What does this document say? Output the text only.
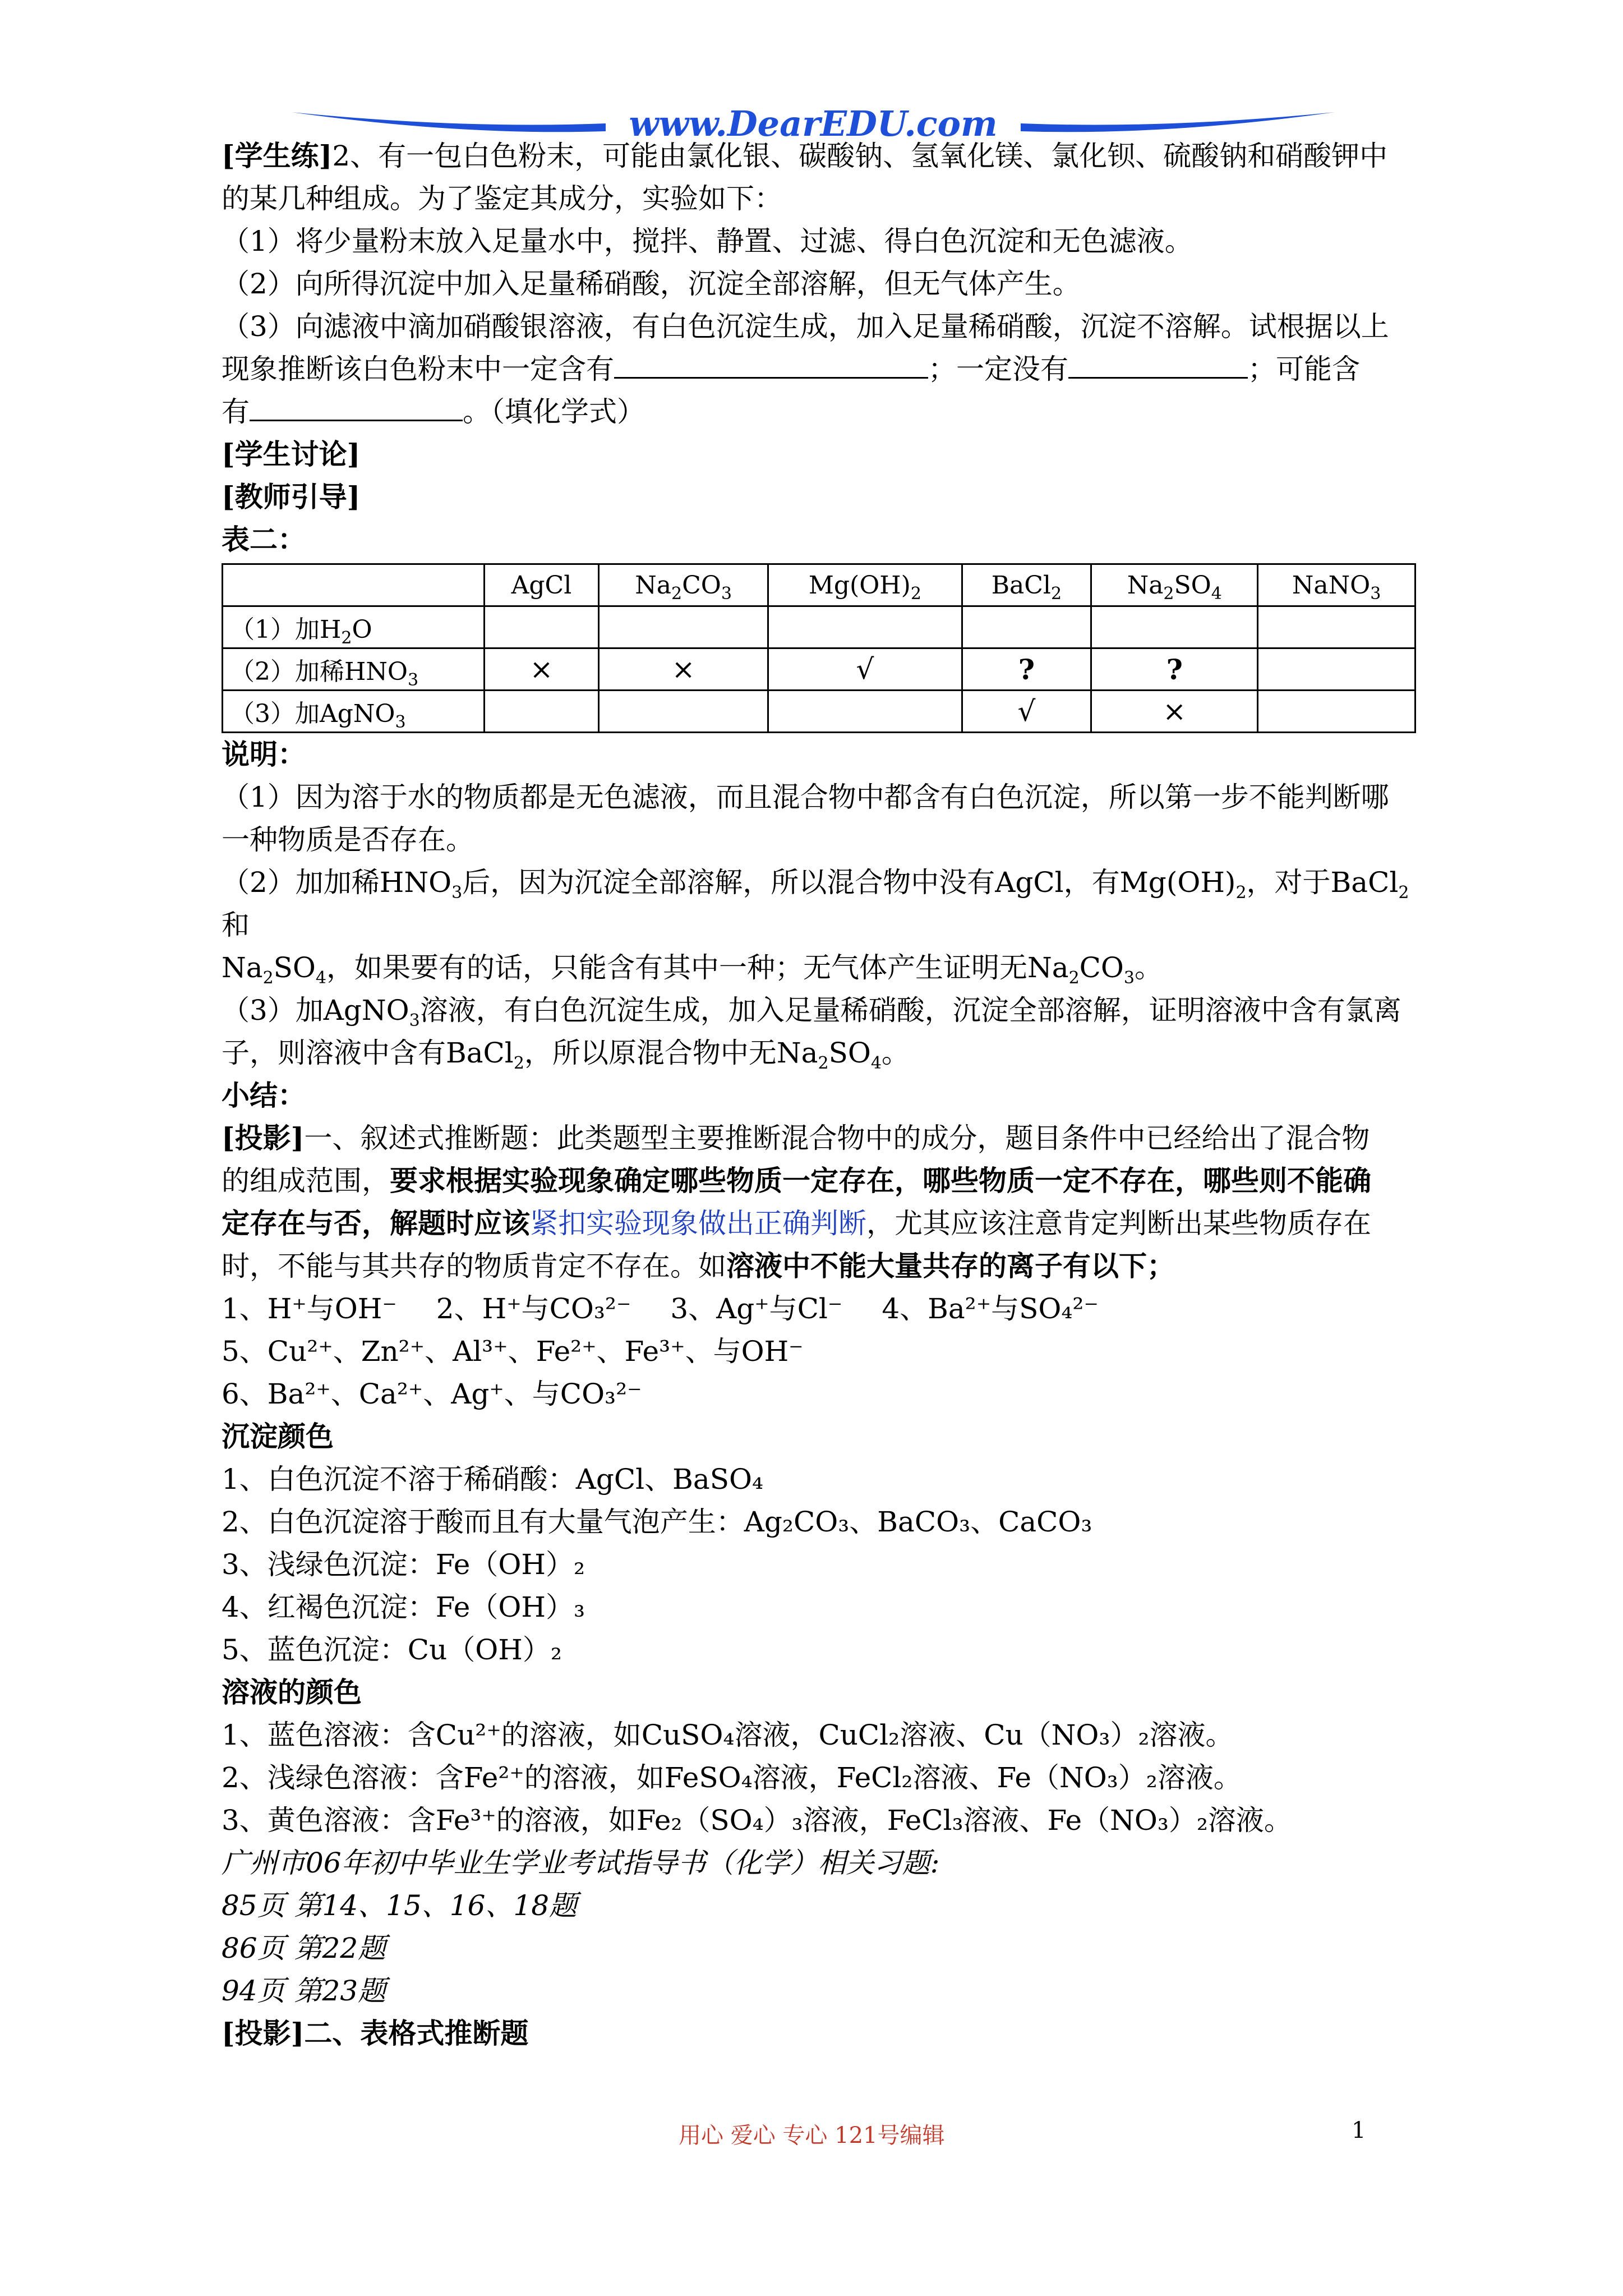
www.DearEDU.com

[学生练]2、有一包白色粉末，可能由氯化银、碳酸钠、氢氧化镁、氯化钡、硫酸钠和硝酸钾中

的某几种组成。为了鉴定其成分，实验如下：

（1）将少量粉末放入足量水中，搅拌、静置、过滤、得白色沉淀和无色滤液。

（2）向所得沉淀中加入足量稀硝酸，沉淀全部溶解，但无气体产生。

（3）向滤液中滴加硝酸银溶液，有白色沉淀生成，加入足量稀硝酸，沉淀不溶解。试根据以上

现象推断该白色粉末中一定含有	；一定没有	；可能含

有	。（填化学式）

[学生讨论]

[教师引导]

表二：

	AgCl	$Na_2CO_3$	$Mg(OH)_2$	BaCl$_2$	$Na_2SO_4$	NaNO$_3$
（1）加$H_2O$						
（2）加稀$HNO_3$	×	×	√	?	?	
（3）加AgNO$_3$				√	×	

说明：

（1）因为溶于水的物质都是无色滤液，而且混合物中都含有白色沉淀，所以第一步不能判断哪

一种物质是否存在。

（2）加加稀$HNO_3$后，因为沉淀全部溶解，所以混合物中没有AgCl，有$Mg(OH)_2$，对于BaCl$_2$和

$Na_2SO_4$，如果要有的话，只能含有其中一种；无气体产生证明无$Na_2CO_3$。

（3）加AgNO$_3$溶液，有白色沉淀生成，加入足量稀硝酸，沉淀全部溶解，证明溶液中含有氯离

子，则溶液中含有BaCl$_2$，所以原混合物中无$Na_2SO_4$。

小结：

[投影]一、叙述式推断题：此类题型主要推断混合物中的成分，题目条件中已经给出了混合物

的组成范围，要求根据实验现象确定哪些物质一定存在，哪些物质一定不存在，哪些则不能确

定存在与否，解题时应该紧扣实验现象做出正确判断，尤其应该注意肯定判断出某些物质存在

时，不能与其共存的物质肯定不存在。如溶液中不能大量共存的离子有以下；

1、H⁺与OH⁻ 2、H⁺与CO₃²⁻ 3、Ag⁺与Cl⁻ 4、Ba²⁺与SO₄²⁻

5、Cu²⁺、Zn²⁺、Al³⁺、Fe²⁺、Fe³⁺、与OH⁻

6、Ba²⁺、Ca²⁺、Ag⁺、与CO₃²⁻

沉淀颜色

1、白色沉淀不溶于稀硝酸：AgCl、BaSO₄

2、白色沉淀溶于酸而且有大量气泡产生：Ag₂CO₃、BaCO₃、CaCO₃

3、浅绿色沉淀：Fe（OH）₂

4、红褐色沉淀：Fe（OH）₃

5、蓝色沉淀：Cu（OH）₂

溶液的颜色

1、蓝色溶液：含Cu²⁺的溶液，如CuSO₄溶液，CuCl₂溶液、Cu（NO₃）₂溶液。

2、浅绿色溶液：含Fe²⁺的溶液，如FeSO₄溶液，FeCl₂溶液、Fe（NO₃）₂溶液。

3、黄色溶液：含Fe³⁺的溶液，如Fe₂（SO₄）₃溶液，FeCl₃溶液、Fe（NO₃）₂溶液。

广州市06年初中毕业生学业考试指导书（化学）相关习题:

85页 第14、15、16、18题

86页 第22题

94页 第23题

[投影]二、表格式推断题

用心 爱心 专心 121号编辑	1
